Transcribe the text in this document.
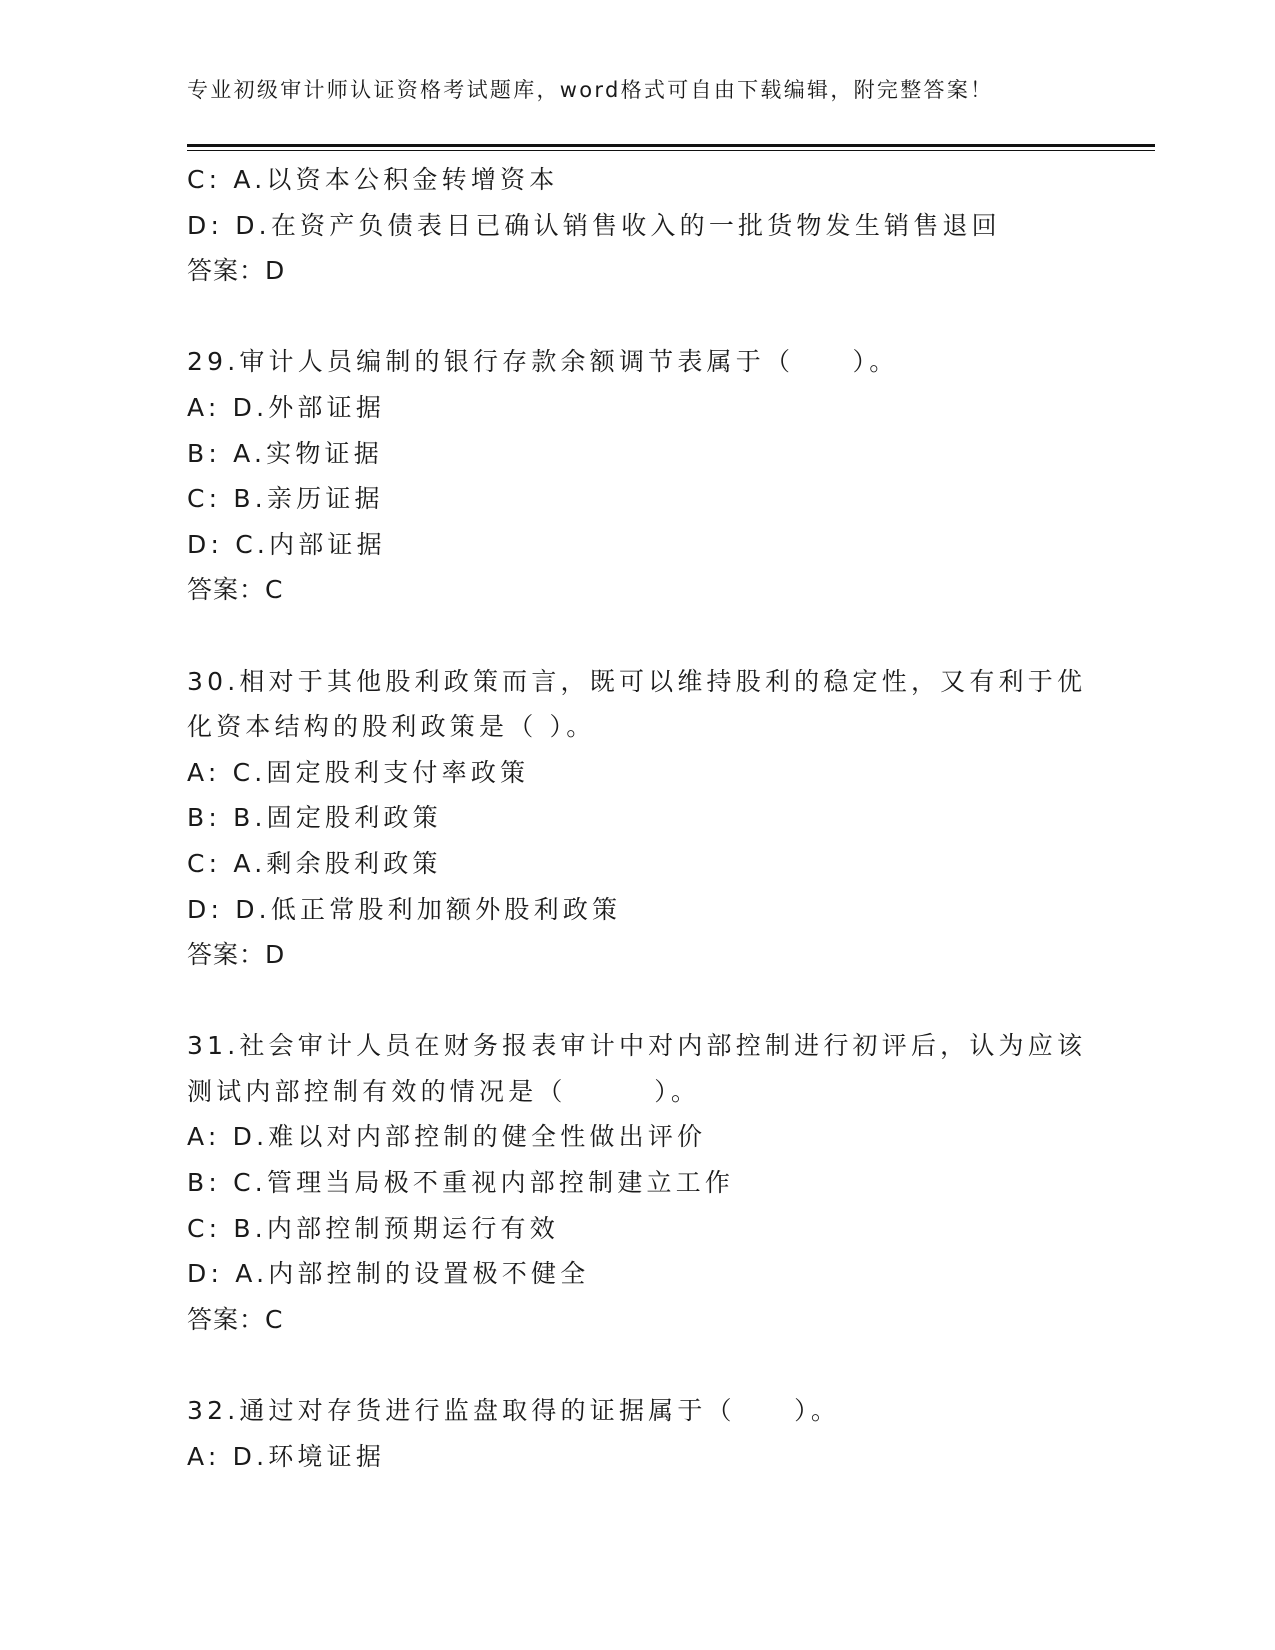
专业初级审计师认证资格考试题库，word格式可自由下载编辑，附完整答案！
C: A.以资本公积金转增资本
D: D.在资产负债表日已确认销售收入的一批货物发生销售退回
答案：D
29.审计人员编制的银行存款余额调节表属于（　　）。
A: D.外部证据
B: A.实物证据
C: B.亲历证据
D: C.内部证据
答案：C
30.相对于其他股利政策而言，既可以维持股利的稳定性，又有利于优
化资本结构的股利政策是（ ）。
A: C.固定股利支付率政策
B: B.固定股利政策
C: A.剩余股利政策
D: D.低正常股利加额外股利政策
答案：D
31.社会审计人员在财务报表审计中对内部控制进行初评后，认为应该
测试内部控制有效的情况是（　　　）。
A: D.难以对内部控制的健全性做出评价
B: C.管理当局极不重视内部控制建立工作
C: B.内部控制预期运行有效
D: A.内部控制的设置极不健全
答案：C
32.通过对存货进行监盘取得的证据属于（　　）。
A: D.环境证据
